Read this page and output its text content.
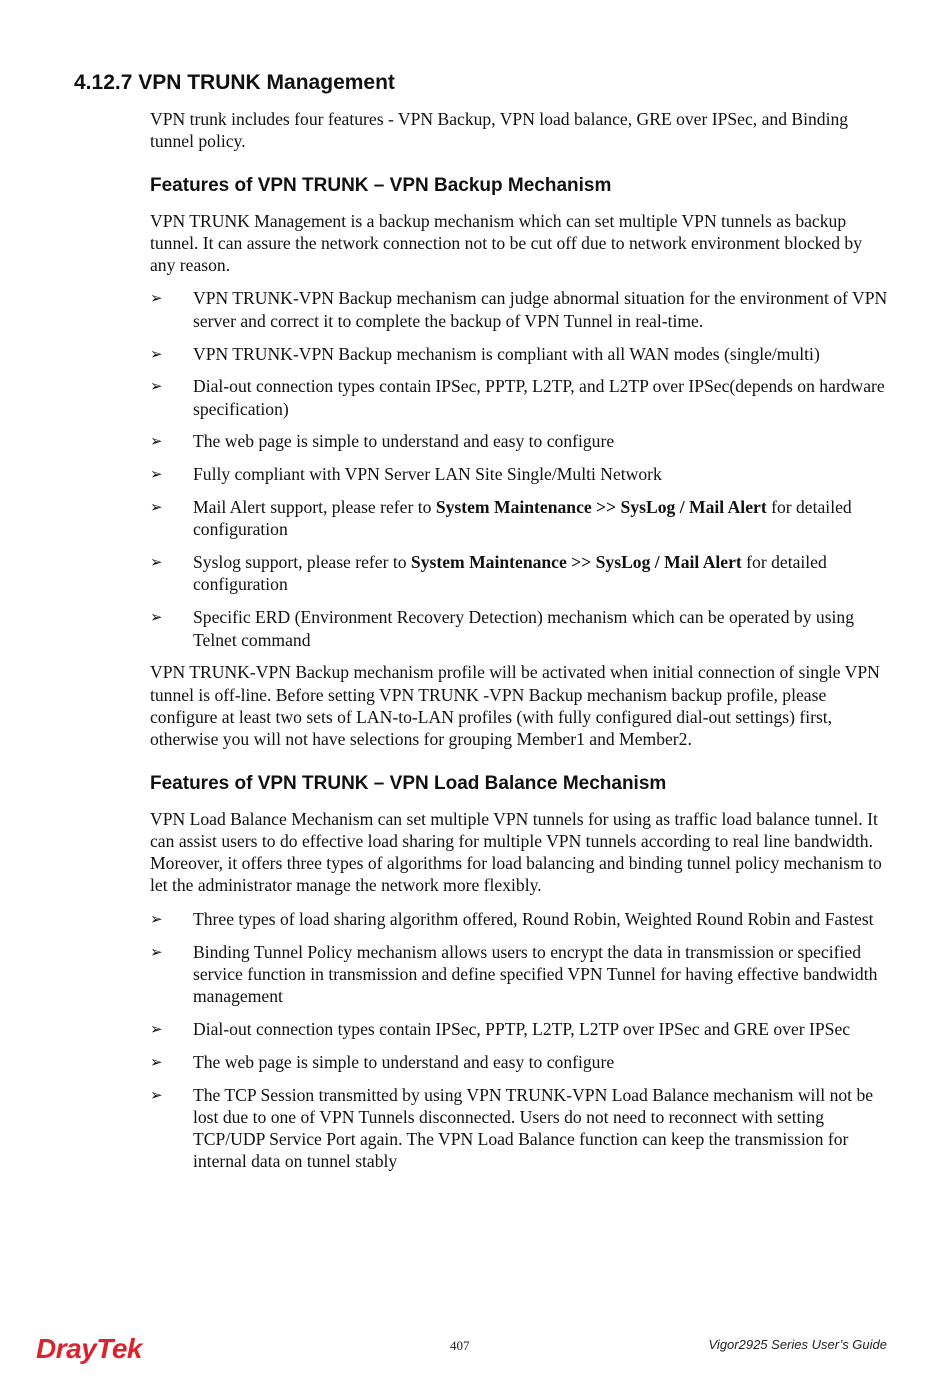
4.12.7 VPN TRUNK Management

VPN trunk includes four features - VPN Backup, VPN load balance, GRE over IPSec, and Binding tunnel policy.

Features of VPN TRUNK – VPN Backup Mechanism

VPN TRUNK Management is a backup mechanism which can set multiple VPN tunnels as backup tunnel. It can assure the network connection not to be cut off due to network environment blocked by any reason.

➢ VPN TRUNK-VPN Backup mechanism can judge abnormal situation for the environment of VPN server and correct it to complete the backup of VPN Tunnel in real-time.
➢ VPN TRUNK-VPN Backup mechanism is compliant with all WAN modes (single/multi)
➢ Dial-out connection types contain IPSec, PPTP, L2TP, and L2TP over IPSec(depends on hardware specification)
➢ The web page is simple to understand and easy to configure
➢ Fully compliant with VPN Server LAN Site Single/Multi Network
➢ Mail Alert support, please refer to System Maintenance >> SysLog / Mail Alert for detailed configuration
➢ Syslog support, please refer to System Maintenance >> SysLog / Mail Alert for detailed configuration
➢ Specific ERD (Environment Recovery Detection) mechanism which can be operated by using Telnet command

VPN TRUNK-VPN Backup mechanism profile will be activated when initial connection of single VPN tunnel is off-line. Before setting VPN TRUNK -VPN Backup mechanism backup profile, please configure at least two sets of LAN-to-LAN profiles (with fully configured dial-out settings) first, otherwise you will not have selections for grouping Member1 and Member2.

Features of VPN TRUNK – VPN Load Balance Mechanism

VPN Load Balance Mechanism can set multiple VPN tunnels for using as traffic load balance tunnel. It can assist users to do effective load sharing for multiple VPN tunnels according to real line bandwidth. Moreover, it offers three types of algorithms for load balancing and binding tunnel policy mechanism to let the administrator manage the network more flexibly.

➢ Three types of load sharing algorithm offered, Round Robin, Weighted Round Robin and Fastest
➢ Binding Tunnel Policy mechanism allows users to encrypt the data in transmission or specified service function in transmission and define specified VPN Tunnel for having effective bandwidth management
➢ Dial-out connection types contain IPSec, PPTP, L2TP, L2TP over IPSec and GRE over IPSec
➢ The web page is simple to understand and easy to configure
➢ The TCP Session transmitted by using VPN TRUNK-VPN Load Balance mechanism will not be lost due to one of VPN Tunnels disconnected. Users do not need to reconnect with setting TCP/UDP Service Port again. The VPN Load Balance function can keep the transmission for internal data on tunnel stably
DrayTek	407	Vigor2925 Series User’s Guide
